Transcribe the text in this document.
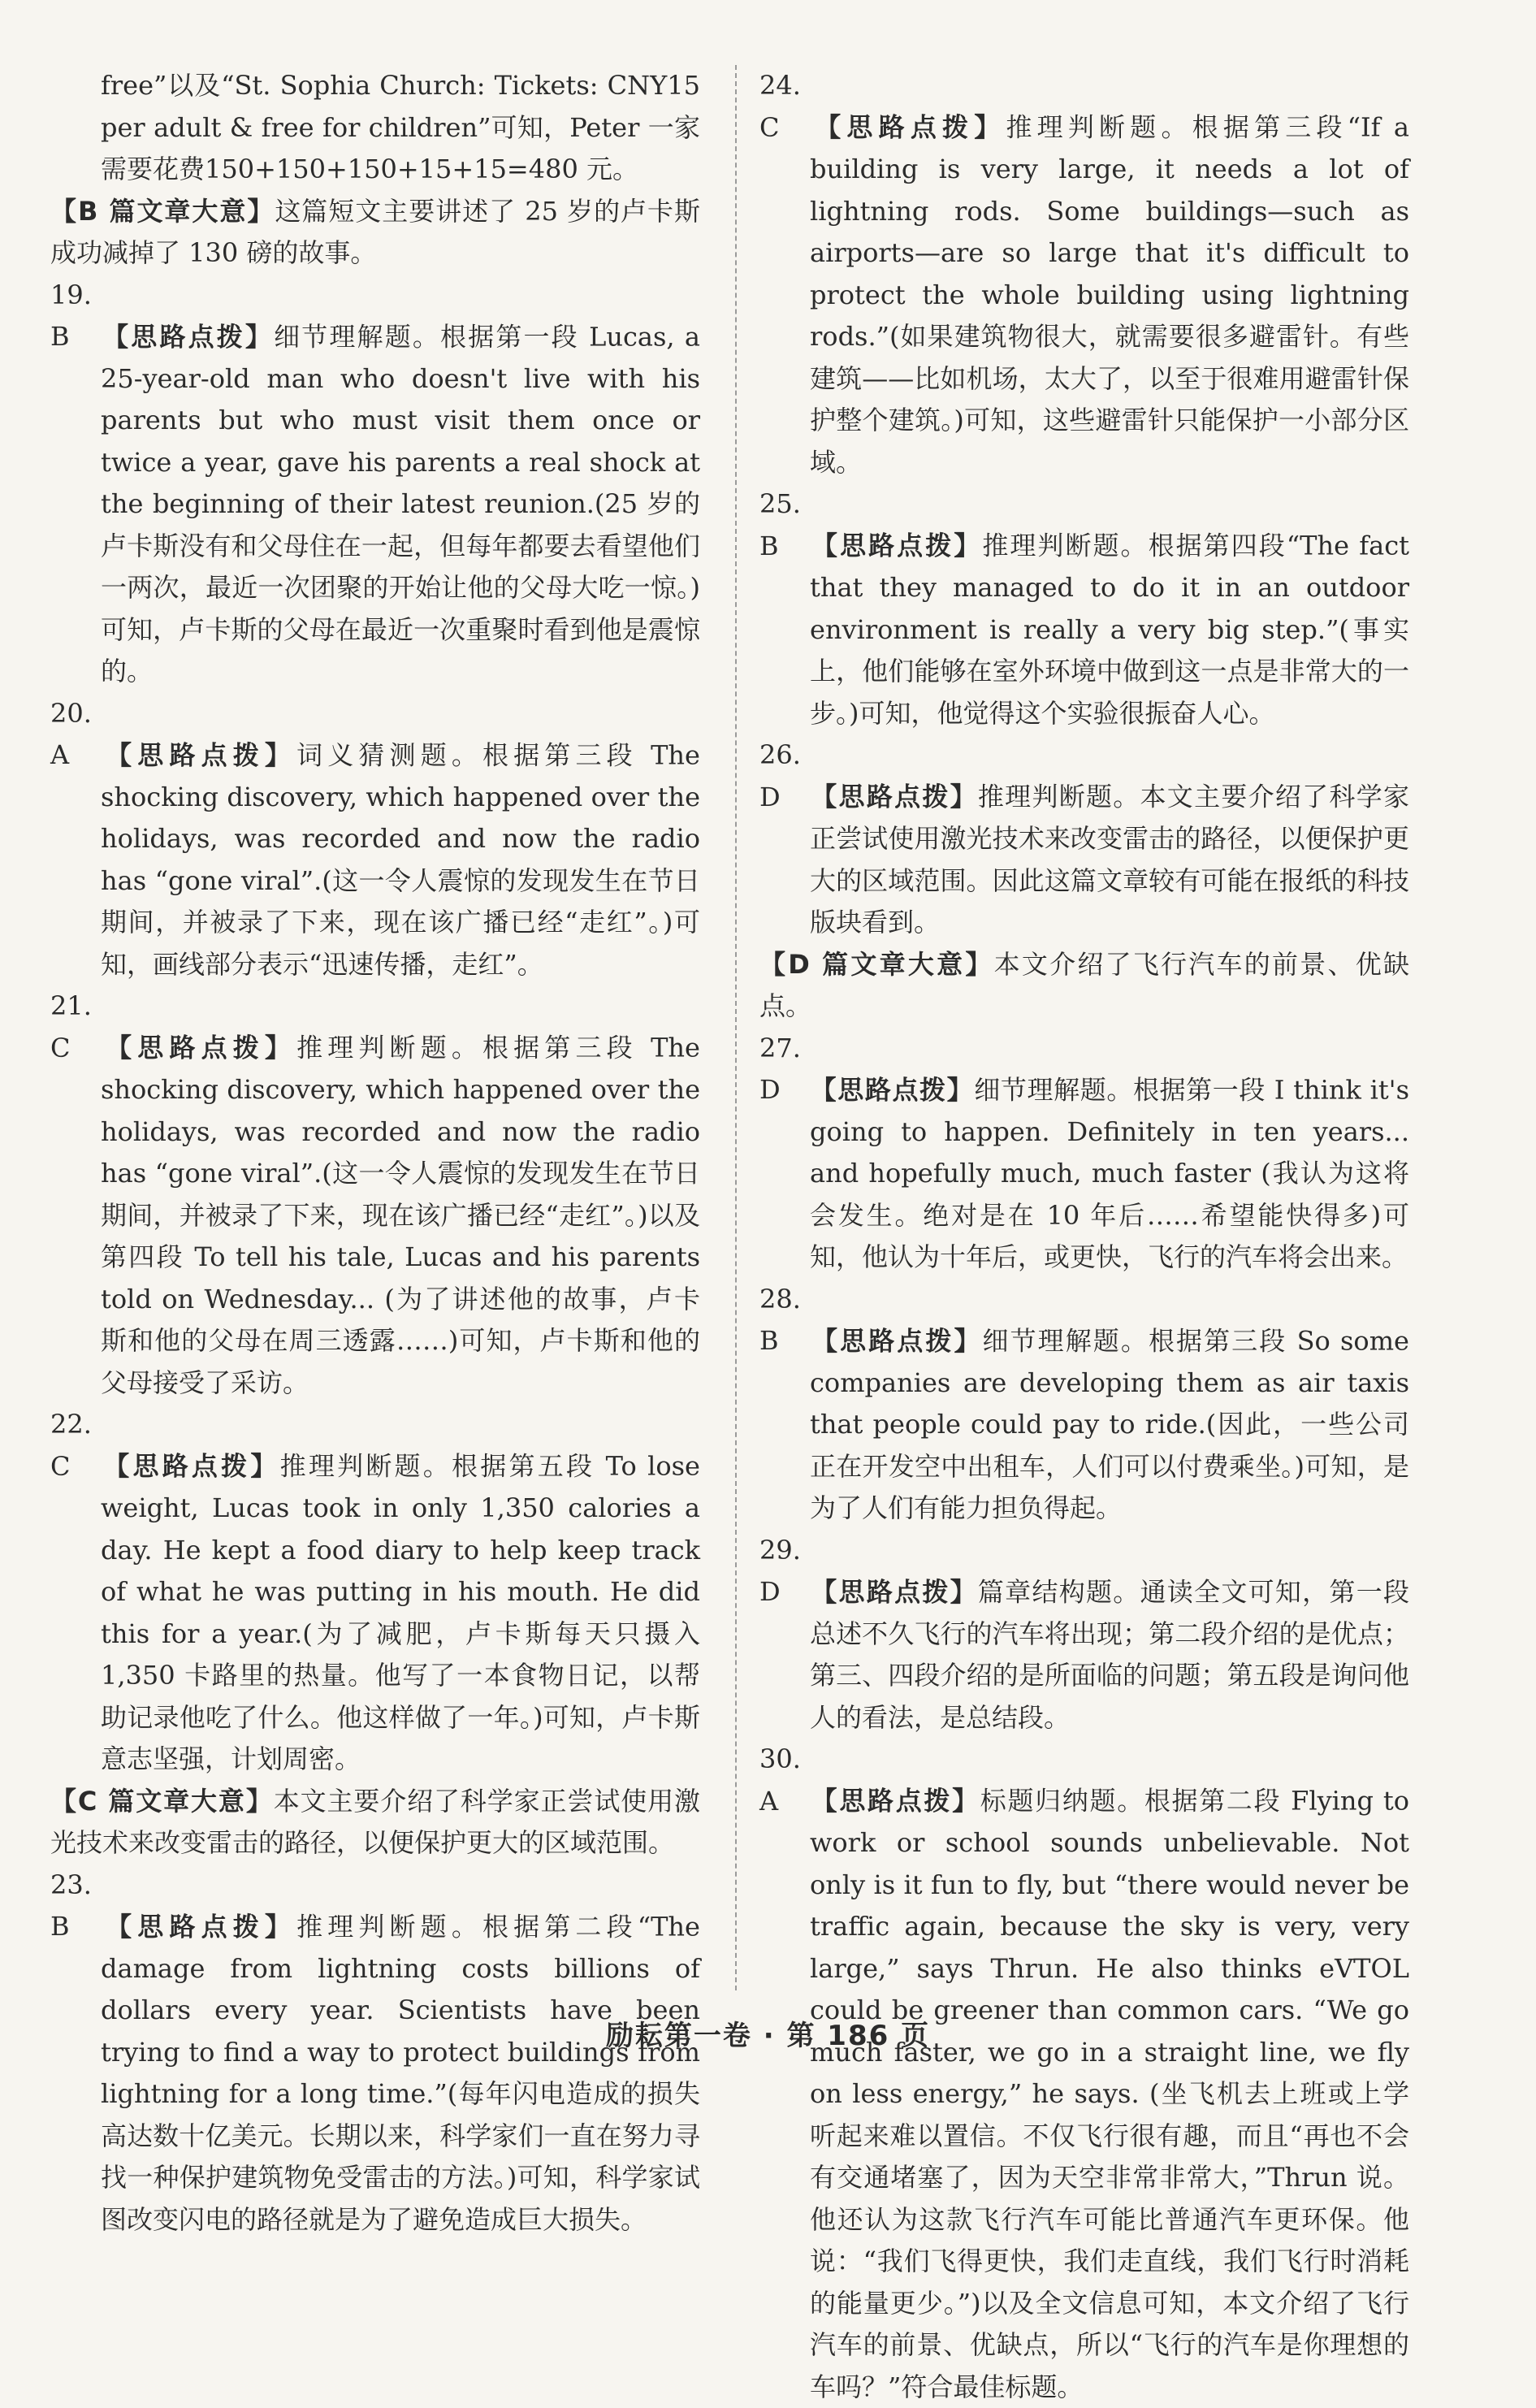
free”以及“St. Sophia Church: Tickets: CNY15 per adult & free for children”可知，Peter 一家需要花费150+150+150+15+15=480 元。

【B 篇文章大意】这篇短文主要讲述了 25 岁的卢卡斯成功减掉了 130 磅的故事。

19. B 【思路点拨】细节理解题。根据第一段 Lucas, a 25-year-old man who doesn't live with his parents but who must visit them once or twice a year, gave his parents a real shock at the beginning of their latest reunion.(25 岁的卢卡斯没有和父母住在一起，但每年都要去看望他们一两次，最近一次团聚的开始让他的父母大吃一惊。)可知，卢卡斯的父母在最近一次重聚时看到他是震惊的。

20. A 【思路点拨】词义猜测题。根据第三段 The shocking discovery, which happened over the holidays, was recorded and now the radio has “gone viral”.(这一令人震惊的发现发生在节日期间，并被录了下来，现在该广播已经“走红”。)可知，画线部分表示“迅速传播，走红”。

21. C 【思路点拨】推理判断题。根据第三段 The shocking discovery, which happened over the holidays, was recorded and now the radio has “gone viral”.(这一令人震惊的发现发生在节日期间，并被录了下来，现在该广播已经“走红”。)以及第四段 To tell his tale, Lucas and his parents told on Wednesday... (为了讲述他的故事，卢卡斯和他的父母在周三透露……)可知，卢卡斯和他的父母接受了采访。

22. C 【思路点拨】推理判断题。根据第五段 To lose weight, Lucas took in only 1,350 calories a day. He kept a food diary to help keep track of what he was putting in his mouth. He did this for a year.(为了减肥，卢卡斯每天只摄入 1,350 卡路里的热量。他写了一本食物日记，以帮助记录他吃了什么。他这样做了一年。)可知，卢卡斯意志坚强，计划周密。

【C 篇文章大意】本文主要介绍了科学家正尝试使用激光技术来改变雷击的路径，以便保护更大的区域范围。

23. B 【思路点拨】推理判断题。根据第二段“The damage from lightning costs billions of dollars every year. Scientists have been trying to find a way to protect buildings from lightning for a long time.”(每年闪电造成的损失高达数十亿美元。长期以来，科学家们一直在努力寻找一种保护建筑物免受雷击的方法。)可知，科学家试图改变闪电的路径就是为了避免造成巨大损失。

24. C 【思路点拨】推理判断题。根据第三段“If a building is very large, it needs a lot of lightning rods. Some buildings—such as airports—are so large that it's difficult to protect the whole building using lightning rods.”(如果建筑物很大，就需要很多避雷针。有些建筑——比如机场，太大了，以至于很难用避雷针保护整个建筑。)可知，这些避雷针只能保护一小部分区域。

25. B 【思路点拨】推理判断题。根据第四段“The fact that they managed to do it in an outdoor environment is really a very big step.”(事实上，他们能够在室外环境中做到这一点是非常大的一步。)可知，他觉得这个实验很振奋人心。

26. D 【思路点拨】推理判断题。本文主要介绍了科学家正尝试使用激光技术来改变雷击的路径，以便保护更大的区域范围。因此这篇文章较有可能在报纸的科技版块看到。

【D 篇文章大意】本文介绍了飞行汽车的前景、优缺点。

27. D 【思路点拨】细节理解题。根据第一段 I think it's going to happen. Definitely in ten years... and hopefully much, much faster (我认为这将会发生。绝对是在 10 年后……希望能快得多)可知，他认为十年后，或更快，飞行的汽车将会出来。

28. B 【思路点拨】细节理解题。根据第三段 So some companies are developing them as air taxis that people could pay to ride.(因此，一些公司正在开发空中出租车，人们可以付费乘坐。)可知，是为了人们有能力担负得起。

29. D 【思路点拨】篇章结构题。通读全文可知，第一段总述不久飞行的汽车将出现；第二段介绍的是优点；第三、四段介绍的是所面临的问题；第五段是询问他人的看法，是总结段。

30. A 【思路点拨】标题归纳题。根据第二段 Flying to work or school sounds unbelievable. Not only is it fun to fly, but “there would never be traffic again, because the sky is very, very large,” says Thrun. He also thinks eVTOL could be greener than common cars. “We go much faster, we go in a straight line, we fly on less energy,” he says. (坐飞机去上班或上学听起来难以置信。不仅飞行很有趣，而且“再也不会有交通堵塞了，因为天空非常非常大，”Thrun 说。他还认为这款飞行汽车可能比普通汽车更环保。他说：“我们飞得更快，我们走直线，我们飞行时消耗的能量更少。”)以及全文信息可知，本文介绍了飞行汽车的前景、优缺点，所以“飞行的汽车是你理想的车吗？”符合最佳标题。

励耘第一卷 · 第 186 页
